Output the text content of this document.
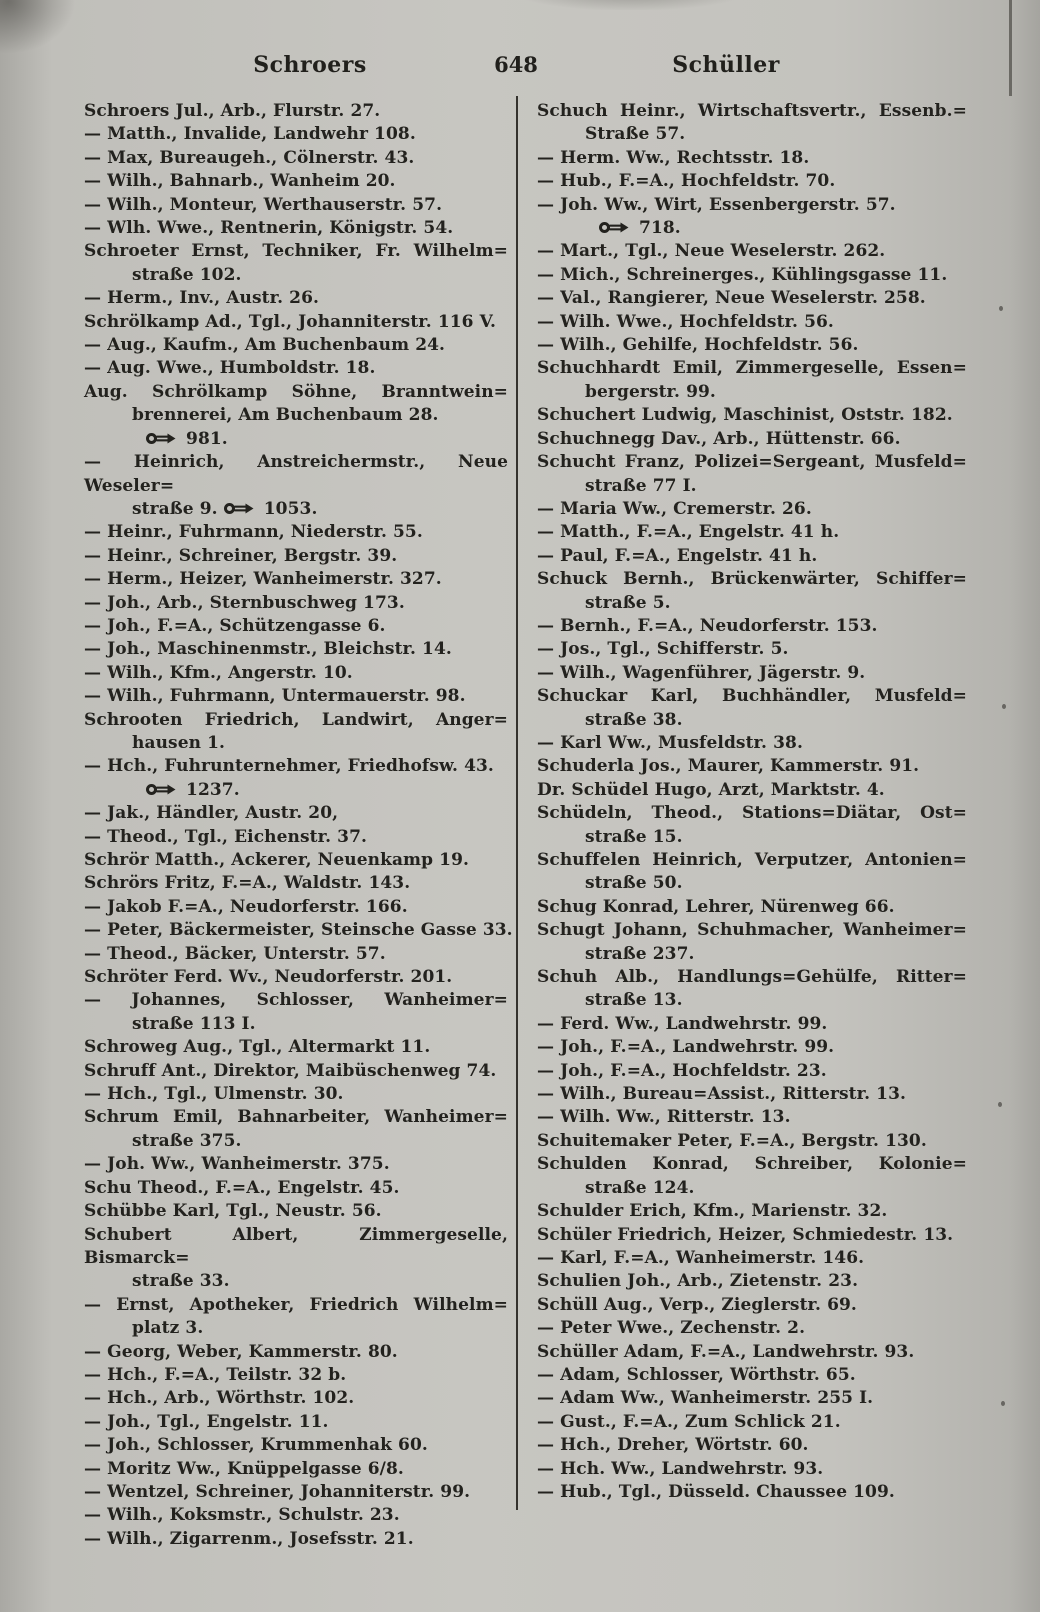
Schroers	648	Schüller
Schroers Jul., Arb., Flurstr. 27.
— Matth., Invalide, Landwehr 108.
— Max, Bureaugeh., Cölnerstr. 43.
— Wilh., Bahnarb., Wanheim 20.
— Wilh., Monteur, Werthauserstr. 57.
— Wlh. Wwe., Rentnerin, Königstr. 54.
Schroeter Ernst, Techniker, Fr. Wilhelm=
straße 102.
— Herm., Inv., Austr. 26.
Schrölkamp Ad., Tgl., Johanniterstr. 116 V.
— Aug., Kaufm., Am Buchenbaum 24.
— Aug. Wwe., Humboldstr. 18.
Aug. Schrölkamp Söhne, Branntwein=
brennerei, Am Buchenbaum 28.
981.
— Heinrich, Anstreichermstr., Neue Weseler=
straße 9.
1053.
— Heinr., Fuhrmann, Niederstr. 55.
— Heinr., Schreiner, Bergstr. 39.
— Herm., Heizer, Wanheimerstr. 327.
— Joh., Arb., Sternbuschweg 173.
— Joh., F.=A., Schützengasse 6.
— Joh., Maschinenmstr., Bleichstr. 14.
— Wilh., Kfm., Angerstr. 10.
— Wilh., Fuhrmann, Untermauerstr. 98.
Schrooten Friedrich, Landwirt, Anger=
hausen 1.
— Hch., Fuhrunternehmer, Friedhofsw. 43.
1237.
— Jak., Händler, Austr. 20,
— Theod., Tgl., Eichenstr. 37.
Schrör Matth., Ackerer, Neuenkamp 19.
Schrörs Fritz, F.=A., Waldstr. 143.
— Jakob F.=A., Neudorferstr. 166.
— Peter, Bäckermeister, Steinsche Gasse 33.
— Theod., Bäcker, Unterstr. 57.
Schröter Ferd. Wv., Neudorferstr. 201.
— Johannes, Schlosser, Wanheimer=
straße 113 I.
Schroweg Aug., Tgl., Altermarkt 11.
Schruff Ant., Direktor, Maibüschenweg 74.
— Hch., Tgl., Ulmenstr. 30.
Schrum Emil, Bahnarbeiter, Wanheimer=
straße 375.
— Joh. Ww., Wanheimerstr. 375.
Schu Theod., F.=A., Engelstr. 45.
Schübbe Karl, Tgl., Neustr. 56.
Schubert Albert, Zimmergeselle, Bismarck=
straße 33.
— Ernst, Apotheker, Friedrich Wilhelm=
platz 3.
— Georg, Weber, Kammerstr. 80.
— Hch., F.=A., Teilstr. 32 b.
— Hch., Arb., Wörthstr. 102.
— Joh., Tgl., Engelstr. 11.
— Joh., Schlosser, Krummenhak 60.
— Moritz Ww., Knüppelgasse 6/8.
— Wentzel, Schreiner, Johanniterstr. 99.
— Wilh., Koksmstr., Schulstr. 23.
— Wilh., Zigarrenm., Josefsstr. 21.
Schuch Heinr., Wirtschaftsvertr., Essenb.=
Straße 57.
— Herm. Ww., Rechtsstr. 18.
— Hub., F.=A., Hochfeldstr. 70.
— Joh. Ww., Wirt, Essenbergerstr. 57.
718.
— Mart., Tgl., Neue Weselerstr. 262.
— Mich., Schreinerges., Kühlingsgasse 11.
— Val., Rangierer, Neue Weselerstr. 258.
— Wilh. Wwe., Hochfeldstr. 56.
— Wilh., Gehilfe, Hochfeldstr. 56.
Schuchhardt Emil, Zimmergeselle, Essen=
bergerstr. 99.
Schuchert Ludwig, Maschinist, Oststr. 182.
Schuchnegg Dav., Arb., Hüttenstr. 66.
Schucht Franz, Polizei=Sergeant, Musfeld=
straße 77 I.
— Maria Ww., Cremerstr. 26.
— Matth., F.=A., Engelstr. 41 h.
— Paul, F.=A., Engelstr. 41 h.
Schuck Bernh., Brückenwärter, Schiffer=
straße 5.
— Bernh., F.=A., Neudorferstr. 153.
— Jos., Tgl., Schifferstr. 5.
— Wilh., Wagenführer, Jägerstr. 9.
Schuckar Karl, Buchhändler, Musfeld=
straße 38.
— Karl Ww., Musfeldstr. 38.
Schuderla Jos., Maurer, Kammerstr. 91.
Dr. Schüdel Hugo, Arzt, Marktstr. 4.
Schüdeln, Theod., Stations=Diätar, Ost=
straße 15.
Schuffelen Heinrich, Verputzer, Antonien=
straße 50.
Schug Konrad, Lehrer, Nürenweg 66.
Schugt Johann, Schuhmacher, Wanheimer=
straße 237.
Schuh Alb., Handlungs=Gehülfe, Ritter=
straße 13.
— Ferd. Ww., Landwehrstr. 99.
— Joh., F.=A., Landwehrstr. 99.
— Joh., F.=A., Hochfeldstr. 23.
— Wilh., Bureau=Assist., Ritterstr. 13.
— Wilh. Ww., Ritterstr. 13.
Schuitemaker Peter, F.=A., Bergstr. 130.
Schulden Konrad, Schreiber, Kolonie=
straße 124.
Schulder Erich, Kfm., Marienstr. 32.
Schüler Friedrich, Heizer, Schmiedestr. 13.
— Karl, F.=A., Wanheimerstr. 146.
Schulien Joh., Arb., Zietenstr. 23.
Schüll Aug., Verp., Zieglerstr. 69.
— Peter Wwe., Zechenstr. 2.
Schüller Adam, F.=A., Landwehrstr. 93.
— Adam, Schlosser, Wörthstr. 65.
— Adam Ww., Wanheimerstr. 255 I.
— Gust., F.=A., Zum Schlick 21.
— Hch., Dreher, Wörtstr. 60.
— Hch. Ww., Landwehrstr. 93.
— Hub., Tgl., Düsseld. Chaussee 109.
